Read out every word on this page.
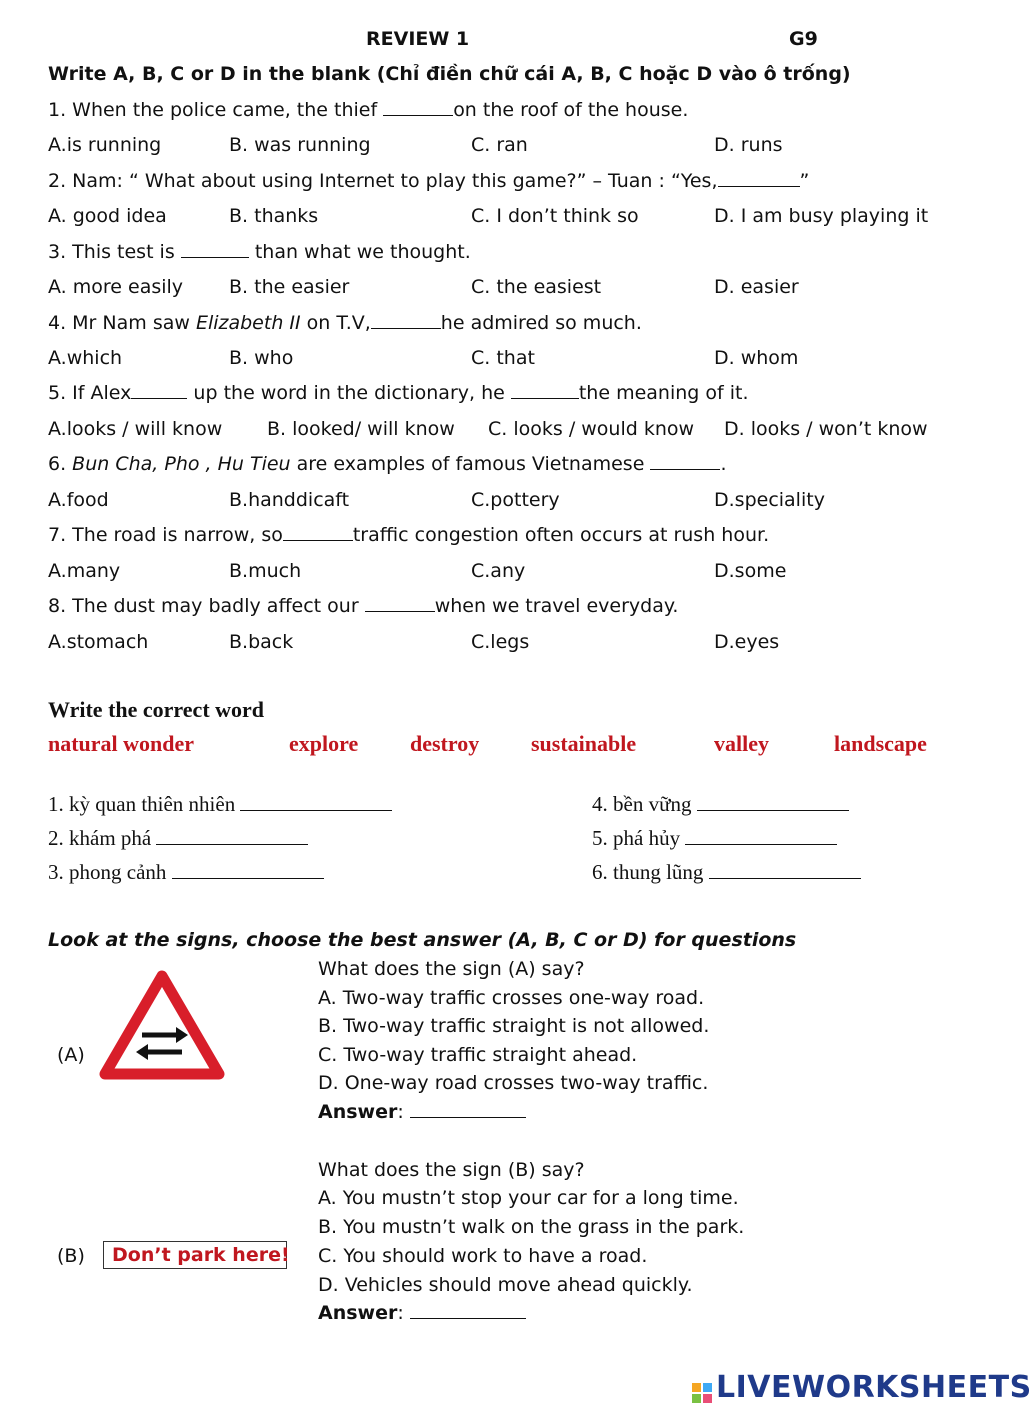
REVIEW 1	G9
Write A, B, C or D in the blank (Chỉ điền chữ cái A, B, C hoặc D vào ô trống)
1. When the police came, the thief	on the roof of the house.
A.is running	B. was running	C. ran	D. runs
2. Nam: “ What about using Internet to play this game?” – Tuan : “Yes,	”
A. good idea	B. thanks	C. I don’t think so	D. I am busy playing it
3. This test is	than what we thought.
A. more easily B. the easier	C. the easiest	D. easier
4. Mr Nam saw Elizabeth II on T.V,	he admired so much.
A.which	B. who	C. that	D. whom
5. If Alex	up the word in the dictionary, he	the meaning of it.
A.looks / will know B. looked/ will know C. looks / would know D. looks / won’t know
6. Bun Cha, Pho , Hu Tieu are examples of famous Vietnamese	.
A.food	B.handdicaft	C.pottery	D.speciality
7. The road is narrow, so	traffic congestion often occurs at rush hour.
A.many	B.much	C.any	D.some
8. The dust may badly affect our	when we travel everyday.
A.stomach	B.back	C.legs	D.eyes
Write the correct word
natural wonder	explore destroy sustainable	valley	landscape
1. kỳ quan thiên nhiên	4. bền vững
2. khám phá	5. phá hủy
3. phong cảnh	6. thung lũng
Look at the signs, choose the best answer (A, B, C or D) for questions
(A)
What does the sign (A) say?
A. Two-way traffic crosses one-way road.
B. Two-way traffic straight is not allowed.
C. Two-way traffic straight ahead.
D. One-way road crosses two-way traffic.
Answer:
(B)	Don’t park here!
What does the sign (B) say?
A. You mustn’t stop your car for a long time.
B. You mustn’t walk on the grass in the park.
C. You should work to have a road.
D. Vehicles should move ahead quickly.
Answer:
LIVEWORKSHEETS
